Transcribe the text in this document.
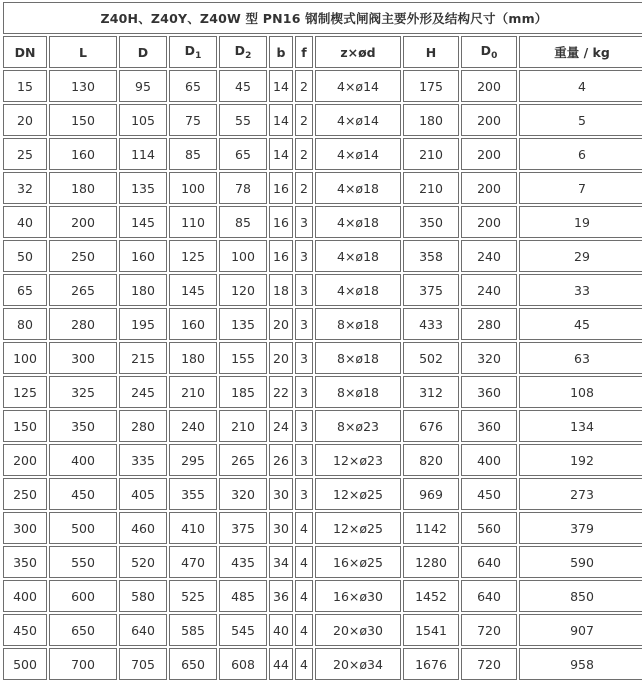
Z40H、Z40Y、Z40W 型 PN16 钢制楔式闸阀主要外形及结构尺寸（mm）										
DN	L	D	$D_1$	$D_2$	b	f	z×ød	H	$D_0$	重量 / kg
15	130	95	65	45	14	2	4×ø14	175	200	4
20	150	105	75	55	14	2	4×ø14	180	200	5
25	160	114	85	65	14	2	4×ø14	210	200	6
32	180	135	100	78	16	2	4×ø18	210	200	7
40	200	145	110	85	16	3	4×ø18	350	200	19
50	250	160	125	100	16	3	4×ø18	358	240	29
65	265	180	145	120	18	3	4×ø18	375	240	33
80	280	195	160	135	20	3	8×ø18	433	280	45
100	300	215	180	155	20	3	8×ø18	502	320	63
125	325	245	210	185	22	3	8×ø18	312	360	108
150	350	280	240	210	24	3	8×ø23	676	360	134
200	400	335	295	265	26	3	12×ø23	820	400	192
250	450	405	355	320	30	3	12×ø25	969	450	273
300	500	460	410	375	30	4	12×ø25	1142	560	379
350	550	520	470	435	34	4	16×ø25	1280	640	590
400	600	580	525	485	36	4	16×ø30	1452	640	850
450	650	640	585	545	40	4	20×ø30	1541	720	907
500	700	705	650	608	44	4	20×ø34	1676	720	958
